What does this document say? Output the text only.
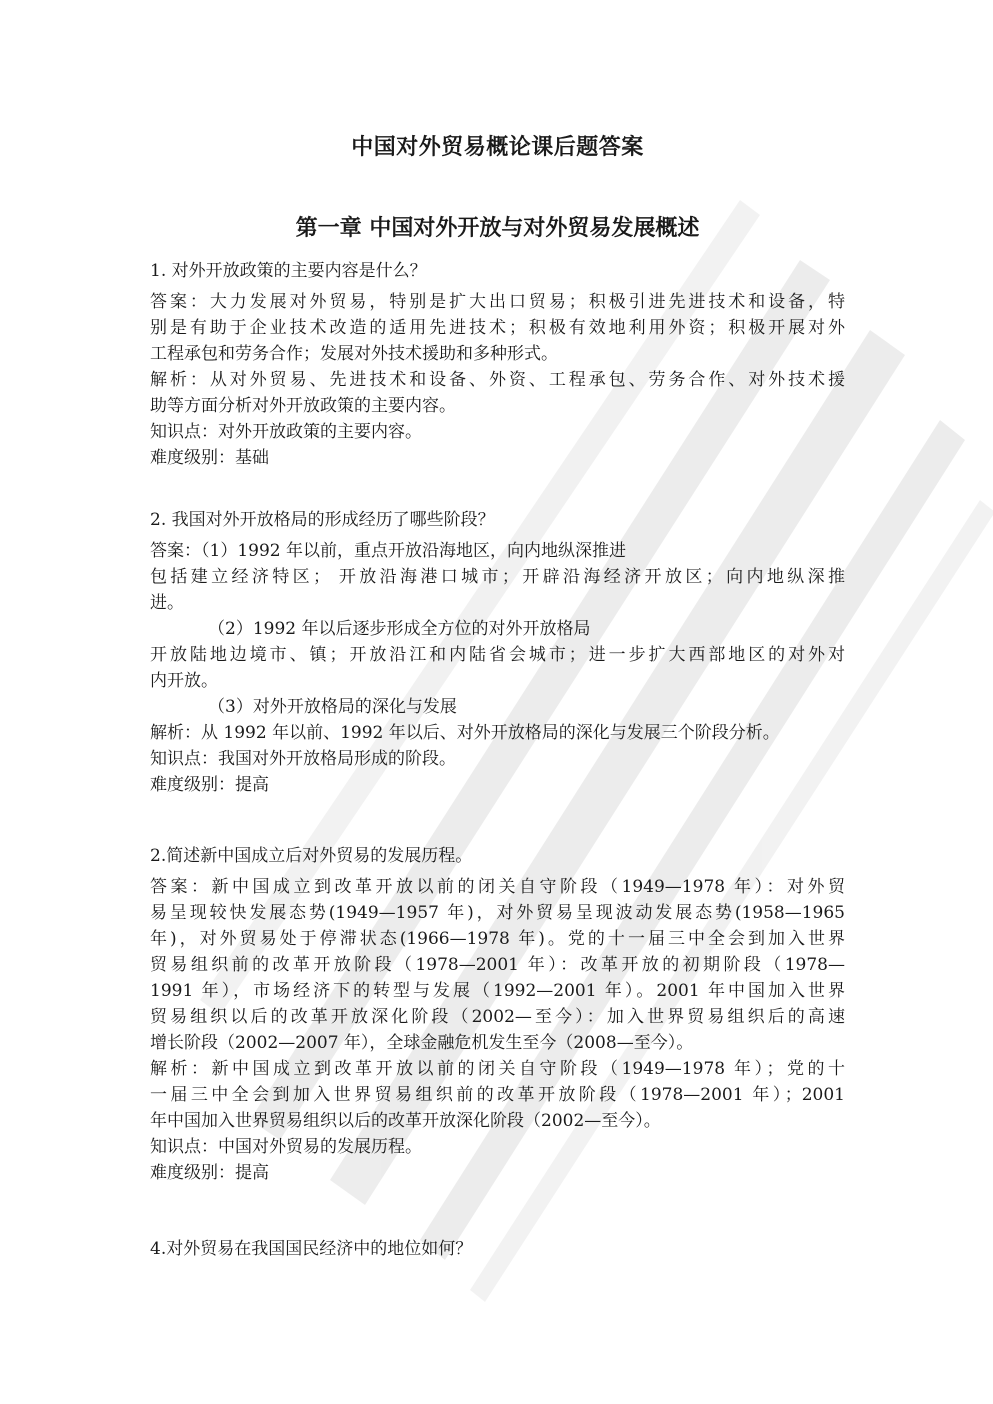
中国对外贸易概论课后题答案
第一章 中国对外开放与对外贸易发展概述
1. 对外开放政策的主要内容是什么？
答案：大力发展对外贸易，特别是扩大出口贸易；积极引进先进技术和设备，特
别是有助于企业技术改造的适用先进技术；积极有效地利用外资；积极开展对外
工程承包和劳务合作；发展对外技术援助和多种形式。
解析：从对外贸易、先进技术和设备、外资、工程承包、劳务合作、对外技术援
助等方面分析对外开放政策的主要内容。
知识点：对外开放政策的主要内容。
难度级别：基础
2. 我国对外开放格局的形成经历了哪些阶段？
答案：（1）1992 年以前，重点开放沿海地区，向内地纵深推进
包括建立经济特区； 开放沿海港口城市；开辟沿海经济开放区；向内地纵深推
进。
（2）1992 年以后逐步形成全方位的对外开放格局
开放陆地边境市、镇；开放沿江和内陆省会城市；进一步扩大西部地区的对外对
内开放。
（3）对外开放格局的深化与发展
解析：从 1992 年以前、1992 年以后、对外开放格局的深化与发展三个阶段分析。
知识点：我国对外开放格局形成的阶段。
难度级别：提高
2.简述新中国成立后对外贸易的发展历程。
答案：新中国成立到改革开放以前的闭关自守阶段（1949—1978 年）：对外贸
易呈现较快发展态势(1949—1957 年)，对外贸易呈现波动发展态势(1958—1965
年)，对外贸易处于停滞状态(1966—1978 年)。党的十一届三中全会到加入世界
贸易组织前的改革开放阶段（1978—2001 年）：改革开放的初期阶段（1978—
1991 年），市场经济下的转型与发展（1992—2001 年）。2001 年中国加入世界
贸易组织以后的改革开放深化阶段（2002—至今）：加入世界贸易组织后的高速
增长阶段（2002—2007 年），全球金融危机发生至今（2008—至今）。
解析：新中国成立到改革开放以前的闭关自守阶段（1949—1978 年）；党的十
一届三中全会到加入世界贸易组织前的改革开放阶段（1978—2001 年）；2001
年中国加入世界贸易组织以后的改革开放深化阶段（2002—至今）。
知识点：中国对外贸易的发展历程。
难度级别：提高
4.对外贸易在我国国民经济中的地位如何？
